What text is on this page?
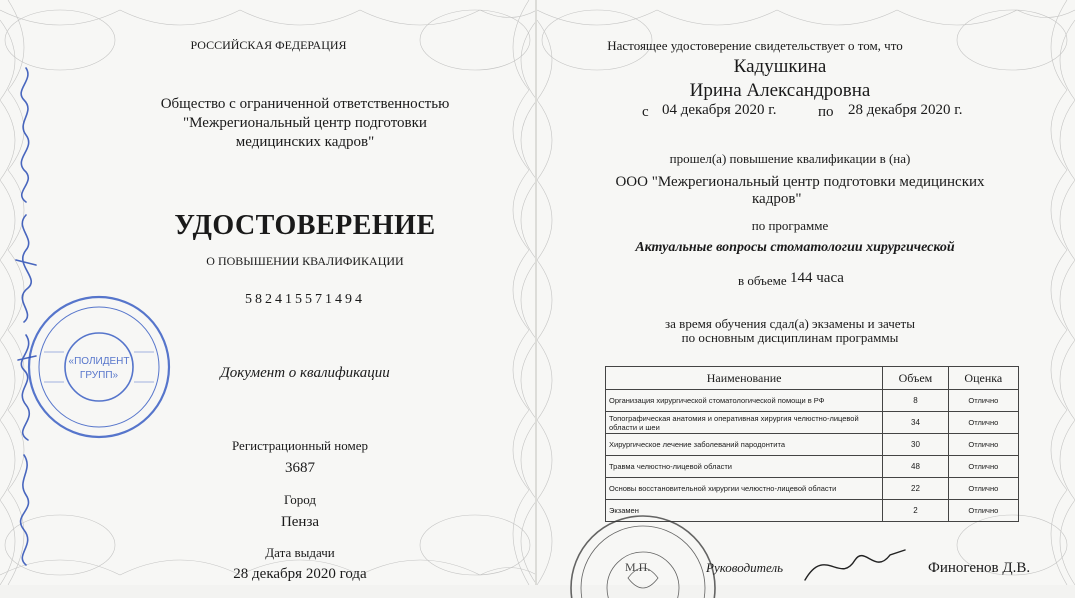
РОССИЙСКАЯ ФЕДЕРАЦИЯ

Общество с ограниченной ответственностью

"Межрегиональный центр подготовки

медицинских кадров"

УДОСТОВЕРЕНИЕ

О ПОВЫШЕНИИ КВАЛИФИКАЦИИ

582415571494

Документ о квалификации

Регистрационный номер

3687

Город

Пенза

Дата выдачи

28 декабря 2020 года

«ПОЛИДЕНТ
ГРУПП»

Настоящее удостоверение свидетельствует о том, что

Кадушкина

Ирина Александровна

с 04 декабря 2020 г.	по 28 декабря 2020 г.

прошел(а) повышение квалификации в (на)

ООО "Межрегиональный центр подготовки медицинских

кадров"

по программе

Актуальные вопросы стоматологии хирургической

в объеме 144 часа

за время обучения сдал(а) экзамены и зачеты

по основным дисциплинам программы

Наименование	Объем	Оценка
Организация хирургической стоматологической помощи в РФ	8	Отлично
Топографическая анатомия и оперативная хирургия челюстно-лицевой области и шеи	34	Отлично
Хирургическое лечение заболеваний пародонтита	30	Отлично
Травма челюстно-лицевой области	48	Отлично
Основы восстановительной хирургии челюстно-лицевой области	22	Отлично
Экзамен	2	Отлично

М.П.	Руководитель	Финогенов Д.В.
